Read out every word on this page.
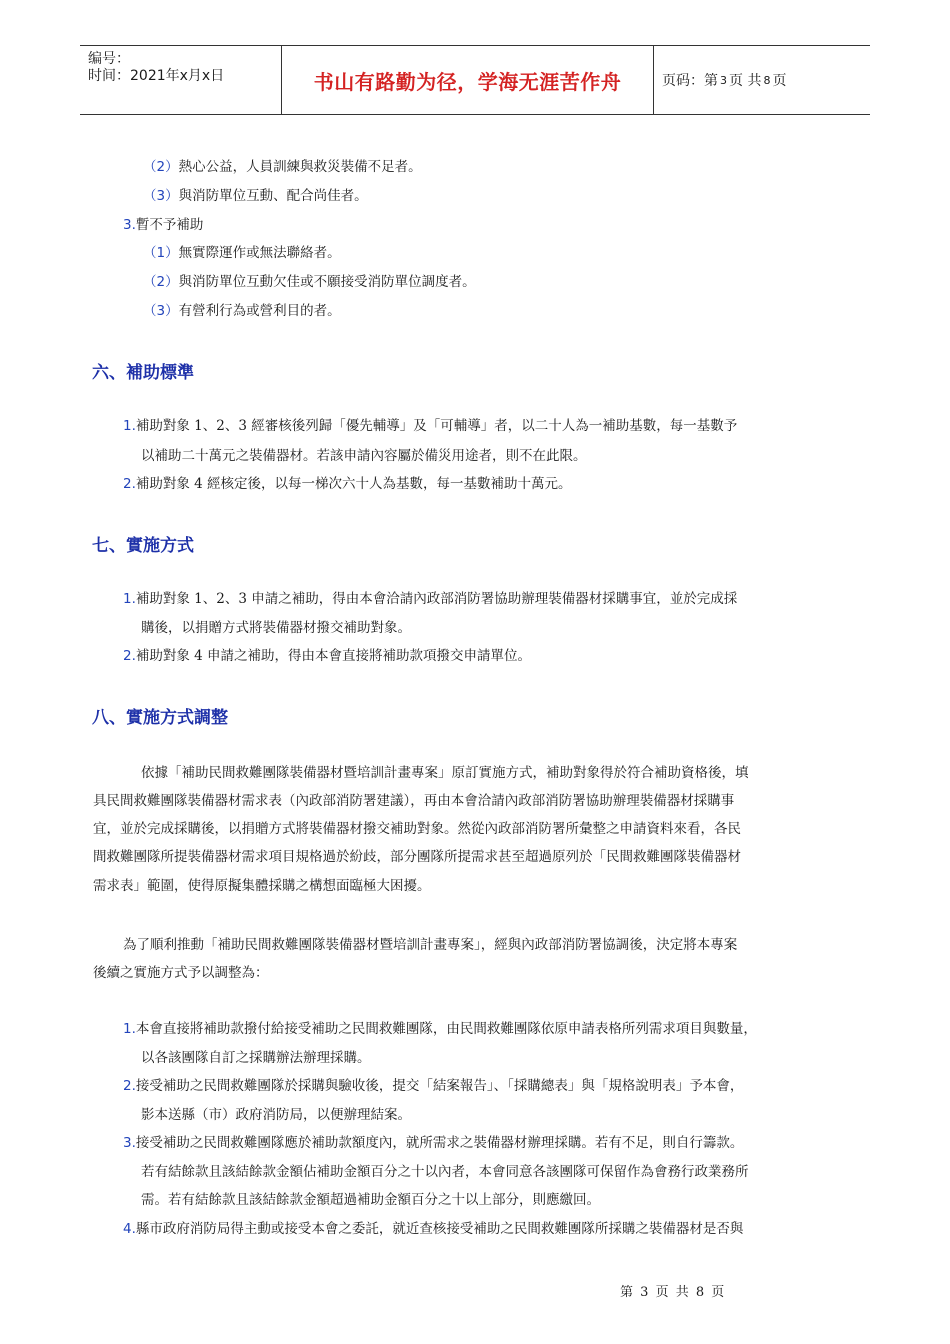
编号：
时间：2021年x月x日	书山有路勤为径，学海无涯苦作舟	页码：第 3 页 共 8 页
（2）熱心公益，人員訓練與救災裝備不足者。
（3）與消防單位互動、配合尚佳者。
3.暫不予補助
（1）無實際運作或無法聯絡者。
（2）與消防單位互動欠佳或不願接受消防單位調度者。
（3）有營利行為或營利目的者。
六、補助標準
1.補助對象 1、2、3 經審核後列歸「優先輔導」及「可輔導」者，以二十人為一補助基數，每一基數予
以補助二十萬元之裝備器材。若該申請內容屬於備災用途者，則不在此限。
2.補助對象 4 經核定後，以每一梯次六十人為基數，每一基數補助十萬元。
七、實施方式
1.補助對象 1、2、3 申請之補助，得由本會洽請內政部消防署協助辦理裝備器材採購事宜，並於完成採
購後，以捐贈方式將裝備器材撥交補助對象。
2.補助對象 4 申請之補助，得由本會直接將補助款項撥交申請單位。
八、實施方式調整
依據「補助民間救難團隊裝備器材暨培訓計畫專案」原訂實施方式，補助對象得於符合補助資格後，填
具民間救難團隊裝備器材需求表（內政部消防署建議），再由本會洽請內政部消防署協助辦理裝備器材採購事
宜，並於完成採購後，以捐贈方式將裝備器材撥交補助對象。然從內政部消防署所彙整之申請資料來看，各民
間救難團隊所提裝備器材需求項目規格過於紛歧，部分團隊所提需求甚至超過原列於「民間救難團隊裝備器材
需求表」範圍，使得原擬集體採購之構想面臨極大困擾。
為了順利推動「補助民間救難團隊裝備器材暨培訓計畫專案」，經與內政部消防署協調後，決定將本專案
後續之實施方式予以調整為：
1.本會直接將補助款撥付給接受補助之民間救難團隊，由民間救難團隊依原申請表格所列需求項目與數量，
以各該團隊自訂之採購辦法辦理採購。
2.接受補助之民間救難團隊於採購與驗收後，提交「結案報告」、「採購總表」與「規格說明表」予本會，
影本送縣（市）政府消防局，以便辦理結案。
3.接受補助之民間救難團隊應於補助款額度內，就所需求之裝備器材辦理採購。若有不足，則自行籌款。
若有結餘款且該結餘款金額佔補助金額百分之十以內者，本會同意各該團隊可保留作為會務行政業務所
需。若有結餘款且該結餘款金額超過補助金額百分之十以上部分，則應繳回。
4.縣市政府消防局得主動或接受本會之委託，就近查核接受補助之民間救難團隊所採購之裝備器材是否與
第 3 页 共 8 页
